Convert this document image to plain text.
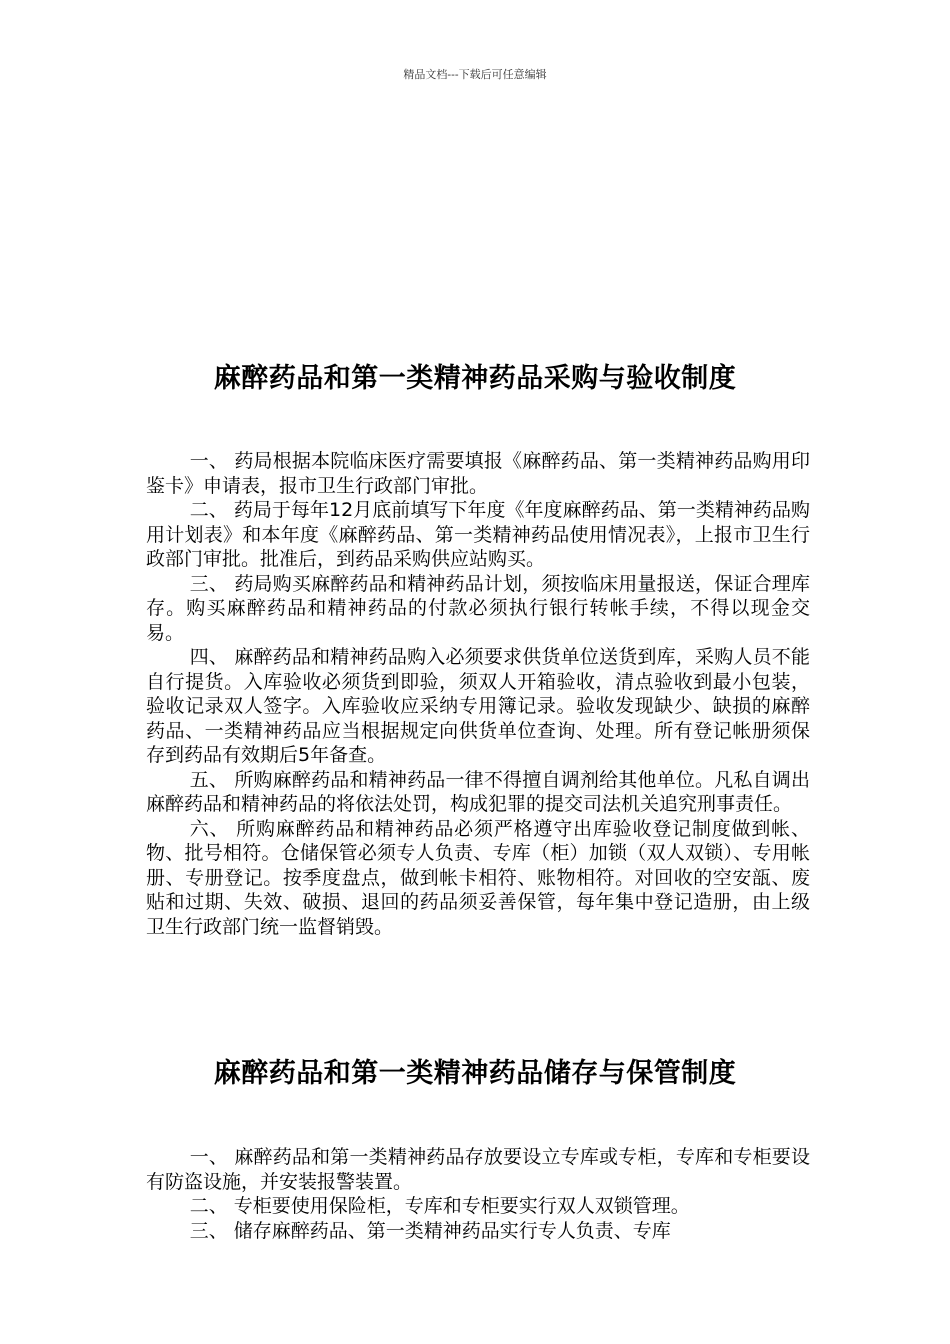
精品文档---下载后可任意编辑
麻醉药品和第一类精神药品采购与验收制度

一、 药局根据本院临床医疗需要填报《麻醉药品、第一类精神药品购用印鉴卡》申请表，报市卫生行政部门审批。

二、 药局于每年12月底前填写下年度《年度麻醉药品、第一类精神药品购用计划表》和本年度《麻醉药品、第一类精神药品使用情况表》，上报市卫生行政部门审批。批准后，到药品采购供应站购买。

三、 药局购买麻醉药品和精神药品计划，须按临床用量报送，保证合理库存。购买麻醉药品和精神药品的付款必须执行银行转帐手续，不得以现金交易。

四、 麻醉药品和精神药品购入必须要求供货单位送货到库，采购人员不能自行提货。入库验收必须货到即验，须双人开箱验收，清点验收到最小包装，验收记录双人签字。入库验收应采纳专用簿记录。验收发现缺少、缺损的麻醉药品、一类精神药品应当根据规定向供货单位查询、处理。所有登记帐册须保存到药品有效期后5年备查。

五、 所购麻醉药品和精神药品一律不得擅自调剂给其他单位。凡私自调出麻醉药品和精神药品的将依法处罚，构成犯罪的提交司法机关追究刑事责任。

六、 所购麻醉药品和精神药品必须严格遵守出库验收登记制度做到帐、物、批号相符。仓储保管必须专人负责、专库（柜）加锁（双人双锁）、专用帐册、专册登记。按季度盘点，做到帐卡相符、账物相符。对回收的空安瓿、废贴和过期、失效、破损、退回的药品须妥善保管，每年集中登记造册，由上级卫生行政部门统一监督销毁。

麻醉药品和第一类精神药品储存与保管制度

一、 麻醉药品和第一类精神药品存放要设立专库或专柜，专库和专柜要设有防盗设施，并安装报警装置。

二、 专柜要使用保险柜，专库和专柜要实行双人双锁管理。

三、 储存麻醉药品、第一类精神药品实行专人负责、专库
